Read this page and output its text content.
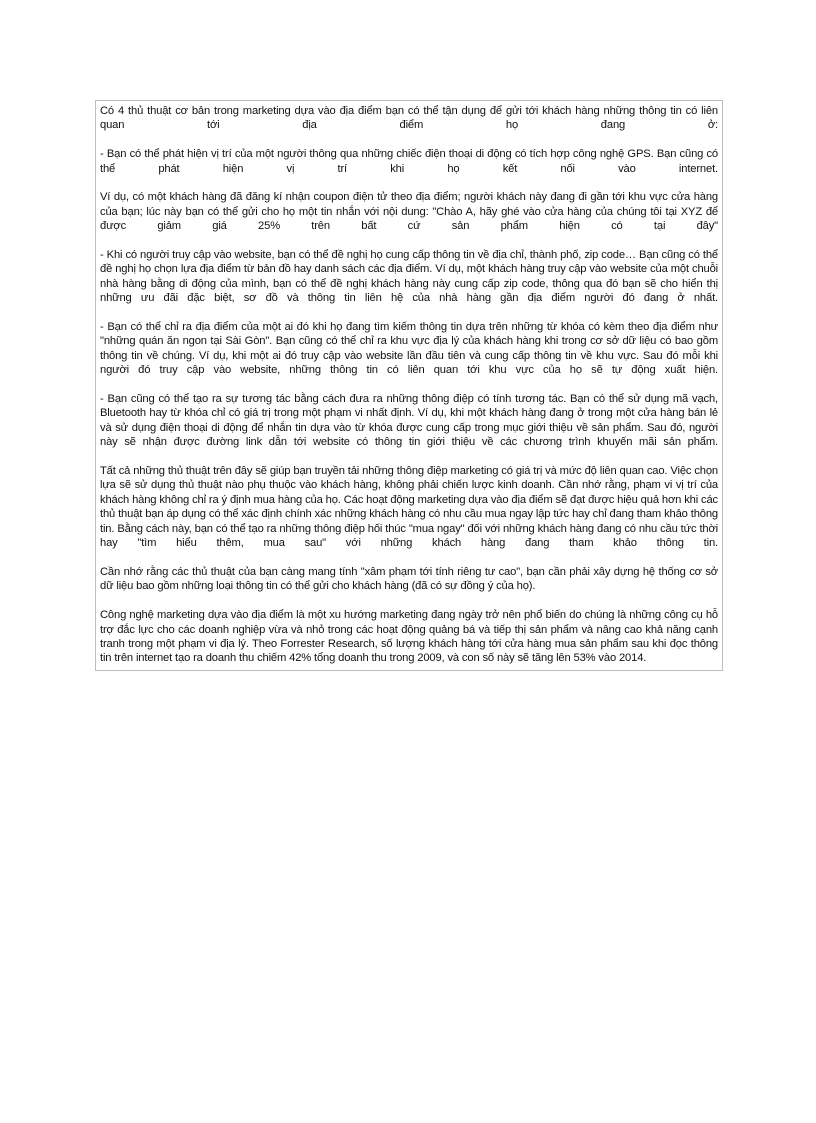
Có 4 thủ thuật cơ bản trong marketing dựa vào địa điểm bạn có thể tận dụng để gửi tới khách hàng những thông tin có liên quan tới địa điểm họ đang ở:

- Bạn có thể phát hiện vị trí của một người thông qua những chiếc điện thoại di động có tích hợp công nghệ GPS. Bạn cũng có thể phát hiện vị trí khi họ kết nối vào internet.

Ví dụ, có một khách hàng đã đăng kí nhận coupon điện tử theo địa điểm; người khách này đang đi gần tới khu vực cửa hàng của bạn; lúc này bạn có thể gửi cho họ một tin nhắn với nội dung: "Chào A, hãy ghé vào cửa hàng của chúng tôi tại XYZ để được giảm giá 25% trên bất cứ sản phẩm hiện có tại đây"

- Khi có người truy cập vào website, bạn có thể đề nghị họ cung cấp thông tin về địa chỉ, thành phố, zip code… Bạn cũng có thể đề nghị họ chọn lựa địa điểm từ bản đồ hay danh sách các địa điểm. Ví dụ, một khách hàng truy cập vào website của một chuỗi nhà hàng bằng di động của mình, bạn có thể đề nghị khách hàng này cung cấp zip code, thông qua đó bạn sẽ cho hiển thị những ưu đãi đặc biệt, sơ đồ và thông tin liên hệ của nhà hàng gần địa điểm người đó đang ở nhất.

- Bạn có thể chỉ ra địa điểm của một ai đó khi họ đang tìm kiếm thông tin dựa trên những từ khóa có kèm theo địa điểm như "những quán ăn ngon tại Sài Gòn". Bạn cũng có thể chỉ ra khu vực địa lý của khách hàng khi trong cơ sở dữ liệu có bao gồm thông tin về chúng. Ví dụ, khi một ai đó truy cập vào website lần đầu tiên và cung cấp thông tin về khu vực. Sau đó mỗi khi người đó truy cập vào website, những thông tin có liên quan tới khu vực của họ sẽ tự động xuất hiện.

- Bạn cũng có thể tạo ra sự tương tác bằng cách đưa ra những thông điệp có tính tương tác. Bạn có thể sử dụng mã vạch, Bluetooth hay từ khóa chỉ có giá trị trong một phạm vi nhất định. Ví dụ, khi một khách hàng đang ở trong một cửa hàng bán lẻ và sử dụng điện thoại di động để nhắn tin dựa vào từ khóa được cung cấp trong mục giới thiệu về sản phẩm. Sau đó, người này sẽ nhận được đường link dẫn tới website có thông tin giới thiệu về các chương trình khuyến mãi sản phẩm.

Tất cả những thủ thuật trên đây sẽ giúp bạn truyền tải những thông điệp marketing có giá trị và mức độ liên quan cao. Việc chọn lựa sẽ sử dụng thủ thuật nào phụ thuộc vào khách hàng, không phải chiến lược kinh doanh. Cần nhớ rằng, phạm vi vị trí của khách hàng không chỉ ra ý định mua hàng của họ. Các hoạt động marketing dựa vào địa điểm sẽ đạt được hiệu quả hơn khi các thủ thuật bạn áp dụng có thể xác định chính xác những khách hàng có nhu cầu mua ngay lập tức hay chỉ đang tham khảo thông tin. Bằng cách này, bạn có thể tạo ra những thông điệp hối thúc "mua ngay" đối với những khách hàng đang có nhu cầu tức thời hay "tìm hiểu thêm, mua sau" với những khách hàng đang tham khảo thông tin.

Cần nhớ rằng các thủ thuật của bạn càng mang tính "xâm phạm tới tính riêng tư cao", bạn cần phải xây dựng hệ thống cơ sở dữ liệu bao gồm những loại thông tin có thể gửi cho khách hàng (đã có sự đồng ý của họ).

Công nghệ marketing dựa vào địa điểm là một xu hướng marketing đang ngày trở nên phổ biến do chúng là những công cụ hỗ trợ đắc lực cho các doanh nghiệp vừa và nhỏ trong các hoạt động quảng bá và tiếp thị sản phẩm và nâng cao khả năng cạnh tranh trong một phạm vi địa lý. Theo Forrester Research, số lượng khách hàng tới cửa hàng mua sản phẩm sau khi đọc thông tin trên internet tạo ra doanh thu chiếm 42% tổng doanh thu trong 2009, và con số này sẽ tăng lên 53% vào 2014.
